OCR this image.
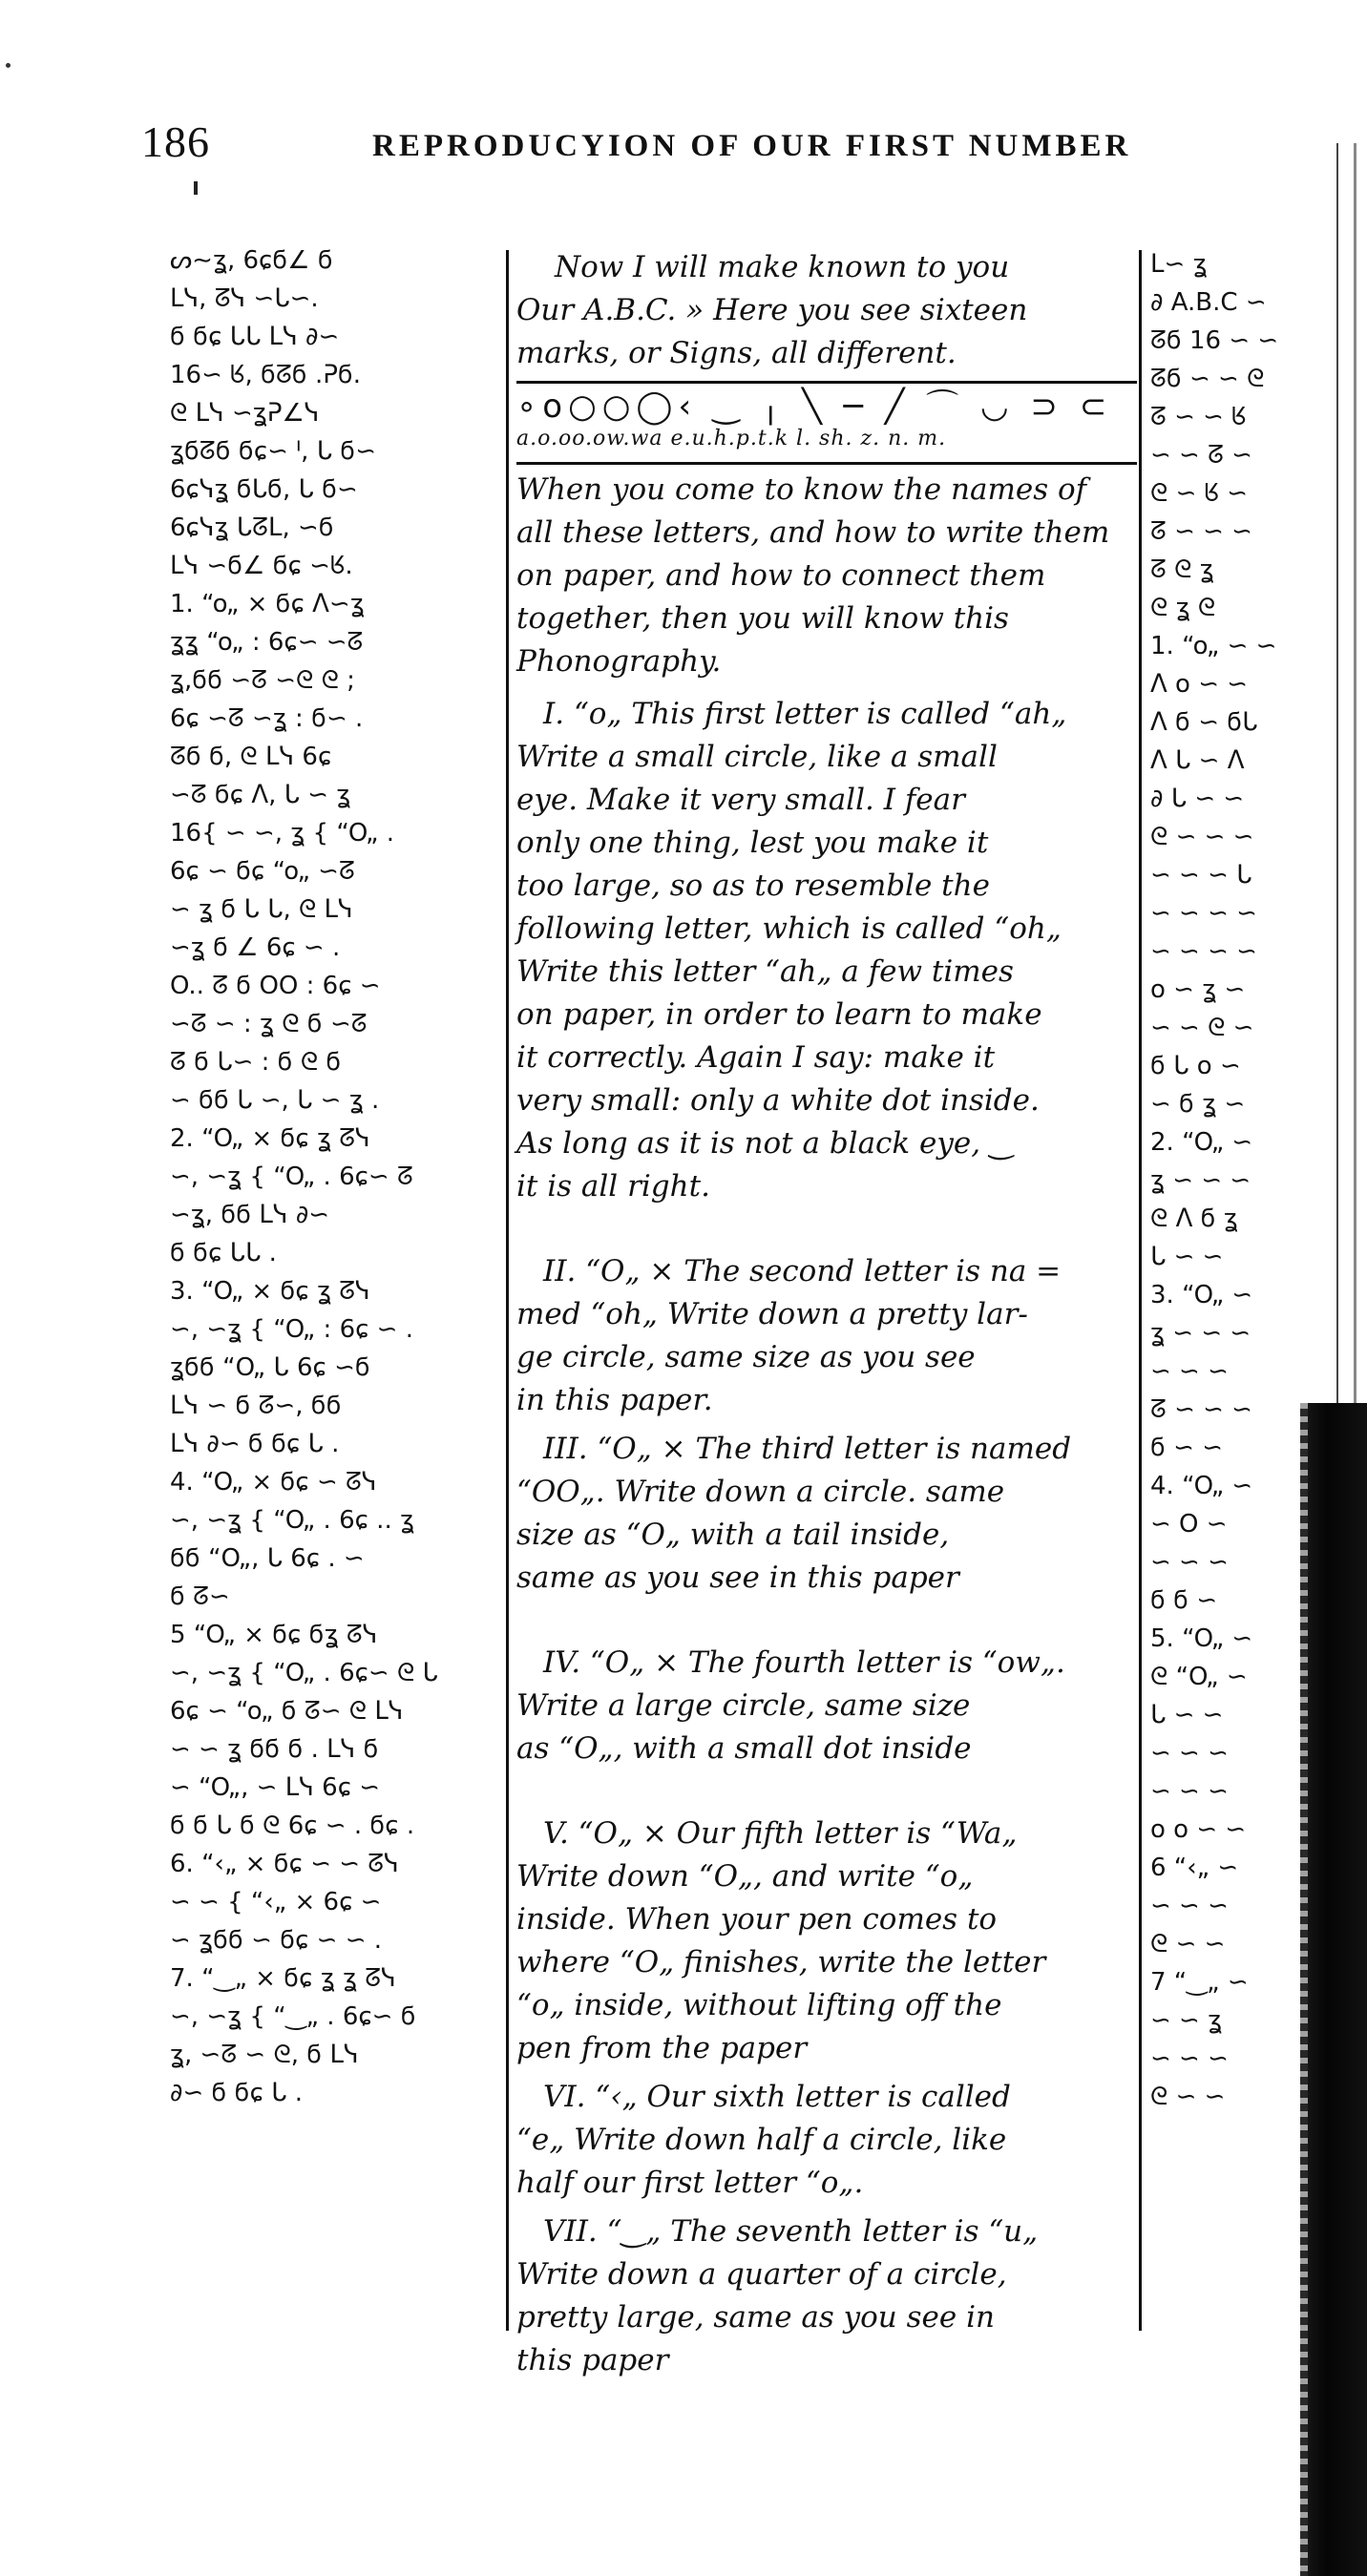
186	REPRODUCYION OF OUR FIRST NUMBER
ᔕ∼ʓ, 6ɕϭ∠ ϭ
ᒪᓭ, ᘔᓭ ∽ᒐ∽.
ϭ ϭɕ ᒐᒐ ᒪᓭ ∂∽
16∽ ᖉ, ϭᘔϭ .ᕈϭ.
ᘓ ᒪᓭ ∽ʓᕈ∠ᓭ
ʓϭᘔϭ ϭɕ∽ ᑊ, ᒐ ϭ∽
6ɕᓭʓ ϭᒐϭ, ᒐ ϭ∽
6ɕᓭʓ ᒐᘔᒪ, ∽ϭ
ᒪᓭ ∽ϭ∠ ϭɕ ∽ᖉ.
1. “o„ × ϭɕ ᐱ∽ʓ
ʓʓ “o„ : 6ɕ∽ ∽ᘔ
ʓ,ϭϭ ∽ᘔ ∽ᘓ ᘓ ;
6ɕ ∽ᘔ ∽ʓ : ϭ∽ .
ᘔϭ ϭ, ᘓ ᒪᓭ 6ɕ
∽ᘔ ϭɕ ᐱ, ᒐ ∽ ʓ
16{ ∽ ∽, ʓ { “O„ .
6ɕ ∽ ϭɕ “o„ ∽ᘔ
∽ ʓ ϭ ᒐ ᒐ, ᘓ ᒪᓭ
∽ʓ ϭ ∠ 6ɕ ∽ .
O.. ᘔ ϭ OO : 6ɕ ∽
∽ᘔ ∽ : ʓ ᘓ ϭ ∽ᘔ
ᘔ ϭ ᒐ∽ : ϭ ᘓ ϭ
∽ ϭϭ ᒐ ∽, ᒐ ∽ ʓ .
2. “O„ × ϭɕ ʓ ᘔᓭ
∽, ∽ʓ { “O„ . 6ɕ∽ ᘔ
∽ʓ, ϭϭ ᒪᓭ ∂∽
ϭ ϭɕ ᒐᒐ .
3. “O„ × ϭɕ ʓ ᘔᓭ
∽, ∽ʓ { “O„ : 6ɕ ∽ .
ʓϭϭ “O„ ᒐ 6ɕ ∽ϭ
ᒪᓭ ∽ ϭ ᘔ∽, ϭϭ
ᒪᓭ ∂∽ ϭ ϭɕ ᒐ .
4. “O„ × ϭɕ ∽ ᘔᓭ
∽, ∽ʓ { “O„ . 6ɕ .. ʓ
ϭϭ “O„, ᒐ 6ɕ . ∽
ϭ ᘔ∽
5 “O„ × ϭɕ ϭʓ ᘔᓭ
∽, ∽ʓ { “O„ . 6ɕ∽ ᘓ ᒐ
6ɕ ∽ “o„ ϭ ᘔ∽ ᘓ ᒪᓭ
∽ ∽ ʓ ϭϭ ϭ . ᒪᓭ ϭ
∽ “O„, ∽ ᒪᓭ 6ɕ ∽
ϭ ϭ ᒐ ϭ ᘓ 6ɕ ∽ . ϭɕ .
6. “‹„ × ϭɕ ∽ ∽ ᘔᓭ
∽ ∽ { “‹„ × 6ɕ ∽
∽ ʓϭϭ ∽ ϭɕ ∽ ∽ .
7. “‿„ × ϭɕ ʓ ʓ ᘔᓭ
∽, ∽ʓ { “‿„ . 6ɕ∽ ϭ
ʓ, ∽ᘔ ∽ ᘓ, ϭ ᒪᓭ
∂∽ ϭ ϭɕ ᒐ .
ᒪ∽ ʓ
∂ A.B.C ∽
ᘔϭ 16 ∽ ∽
ᘔϭ ∽ ∽ ᘓ
ᘔ ∽ ∽ ᖉ
∽ ∽ ᘔ ∽
ᘓ ∽ ᖉ ∽
ᘔ ∽ ∽ ∽
ᘔ ᘓ ʓ
ᘓ ʓ ᘓ
1. “o„ ∽ ∽
ᐱ o ∽ ∽
ᐱ ϭ ∽ ϭᒐ
ᐱ ᒐ ∽ ᐱ
∂ ᒐ ∽ ∽
ᘓ ∽ ∽ ∽
∽ ∽ ∽ ᒐ
∽ ∽ ∽ ∽
∽ ∽ ∽ ∽
o ∽ ʓ ∽
∽ ∽ ᘓ ∽
ϭ ᒐ o ∽
∽ ϭ ʓ ∽
2. “O„ ∽
ʓ ∽ ∽ ∽
ᘓ ᐱ ϭ ʓ
ᒐ ∽ ∽
3. “O„ ∽
ʓ ∽ ∽ ∽
∽ ∽ ∽
ᘔ ∽ ∽ ∽
ϭ ∽ ∽
4. “O„ ∽
∽ O ∽
∽ ∽ ∽
ϭ ϭ ∽
5. “O„ ∽
ᘓ “O„ ∽
ᒐ ∽ ∽
∽ ∽ ∽
∽ ∽ ∽
o o ∽ ∽
6 “‹„ ∽
∽ ∽ ∽
ᘓ ∽ ∽
7 “‿„ ∽
∽ ∽ ʓ
∽ ∽ ∽
ᘓ ∽ ∽
Now I will make known to you
Our A.B.C. » Here you see sixteen
marks, or Signs, all different.
∘o○○◯‹ ‿ ╷ ╲ ─ ╱ ⌒ ◡ ⊃ ⊂
a.o.oo.ow.wa e.u.h.p.t.k l. sh. z. n. m.
When you come to know the names of
all these letters, and how to write them
on paper, and how to connect them
together, then you will know this
Phonography.
I. “o„ This first letter is called “ah„
Write a small circle, like a small
eye. Make it very small. I fear
only one thing, lest you make it
too large, so as to resemble the
following letter, which is called “oh„
Write this letter “ah„ a few times
on paper, in order to learn to make
it correctly. Again I say: make it
very small: only a white dot inside.
As long as it is not a black eye, ‿
it is all right.
II. “O„ × The second letter is na =
med “oh„ Write down a pretty lar-
ge circle, same size as you see
in this paper.
III. “O„ × The third letter is named
“OO„. Write down a circle. same
size as “O„ with a tail inside,
same as you see in this paper
IV. “O„ × The fourth letter is “ow„.
Write a large circle, same size
as “O„, with a small dot inside
V. “O„ × Our fifth letter is “Wa„
Write down “O„, and write “o„
inside. When your pen comes to
where “O„ finishes, write the letter
“o„ inside, without lifting off the
pen from the paper
VI. “‹„ Our sixth letter is called
“e„ Write down half a circle, like
half our first letter “o„.
VII. “‿„ The seventh letter is “u„
Write down a quarter of a circle,
pretty large, same as you see in
this paper
